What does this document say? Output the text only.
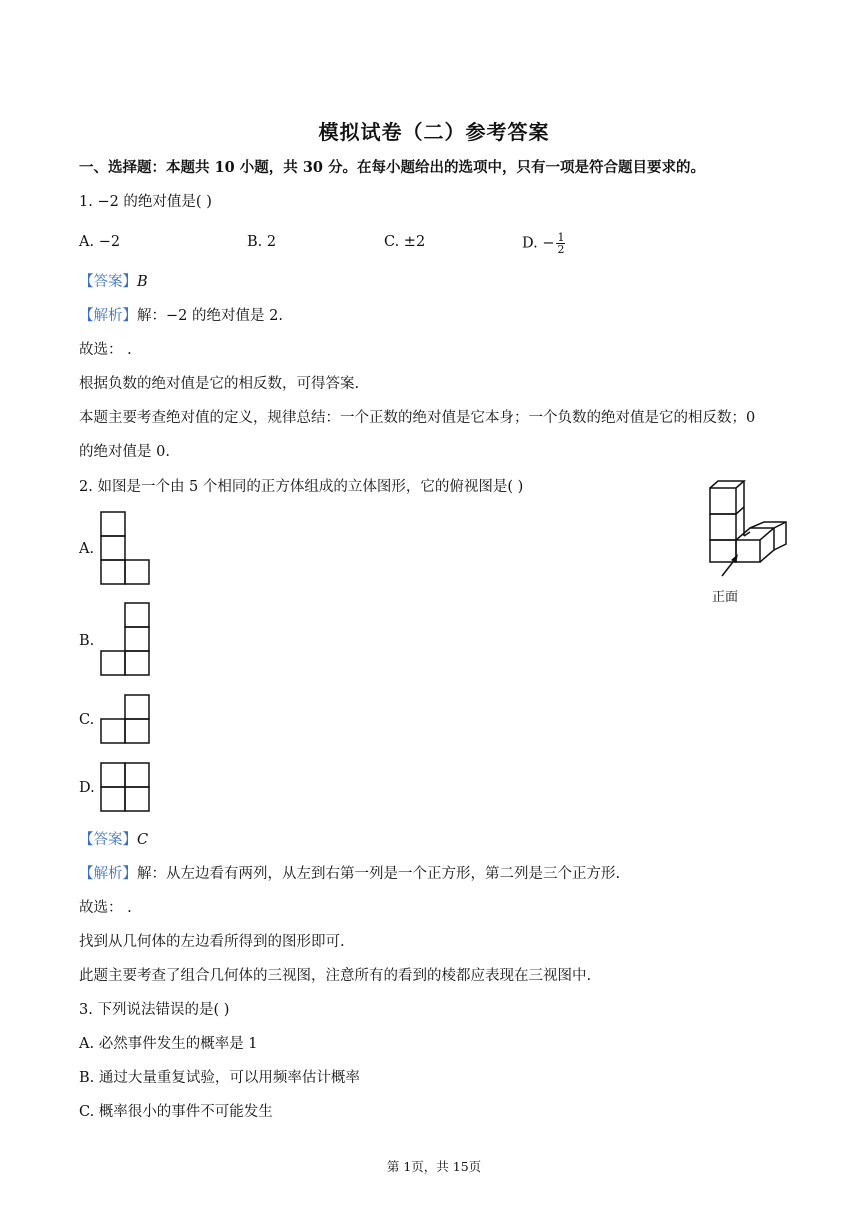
模拟试卷（二）参考答案
一、选择题：本题共 10 小题，共 30 分。在每小题给出的选项中，只有一项是符合题目要求的。
1. −2 的绝对值是( )
A. −2	B. 2	C. ±2	D. − $\frac{1}{2}$
【答案】B
【解析】解：−2 的绝对值是 2.
故选： .
根据负数的绝对值是它的相反数，可得答案.
本题主要考查绝对值的定义，规律总结：一个正数的绝对值是它本身；一个负数的绝对值是它的相反数；0
的绝对值是 0.
2. 如图是一个由 5 个相同的正方体组成的立体图形，它的俯视图是( )
正面
A.
B.
C.
D.
【答案】C
【解析】解：从左边看有两列，从左到右第一列是一个正方形，第二列是三个正方形.
故选： .
找到从几何体的左边看所得到的图形即可.
此题主要考查了组合几何体的三视图，注意所有的看到的棱都应表现在三视图中.
3. 下列说法错误的是( )
A. 必然事件发生的概率是 1
B. 通过大量重复试验，可以用频率估计概率
C. 概率很小的事件不可能发生
第 1页，共 15页
